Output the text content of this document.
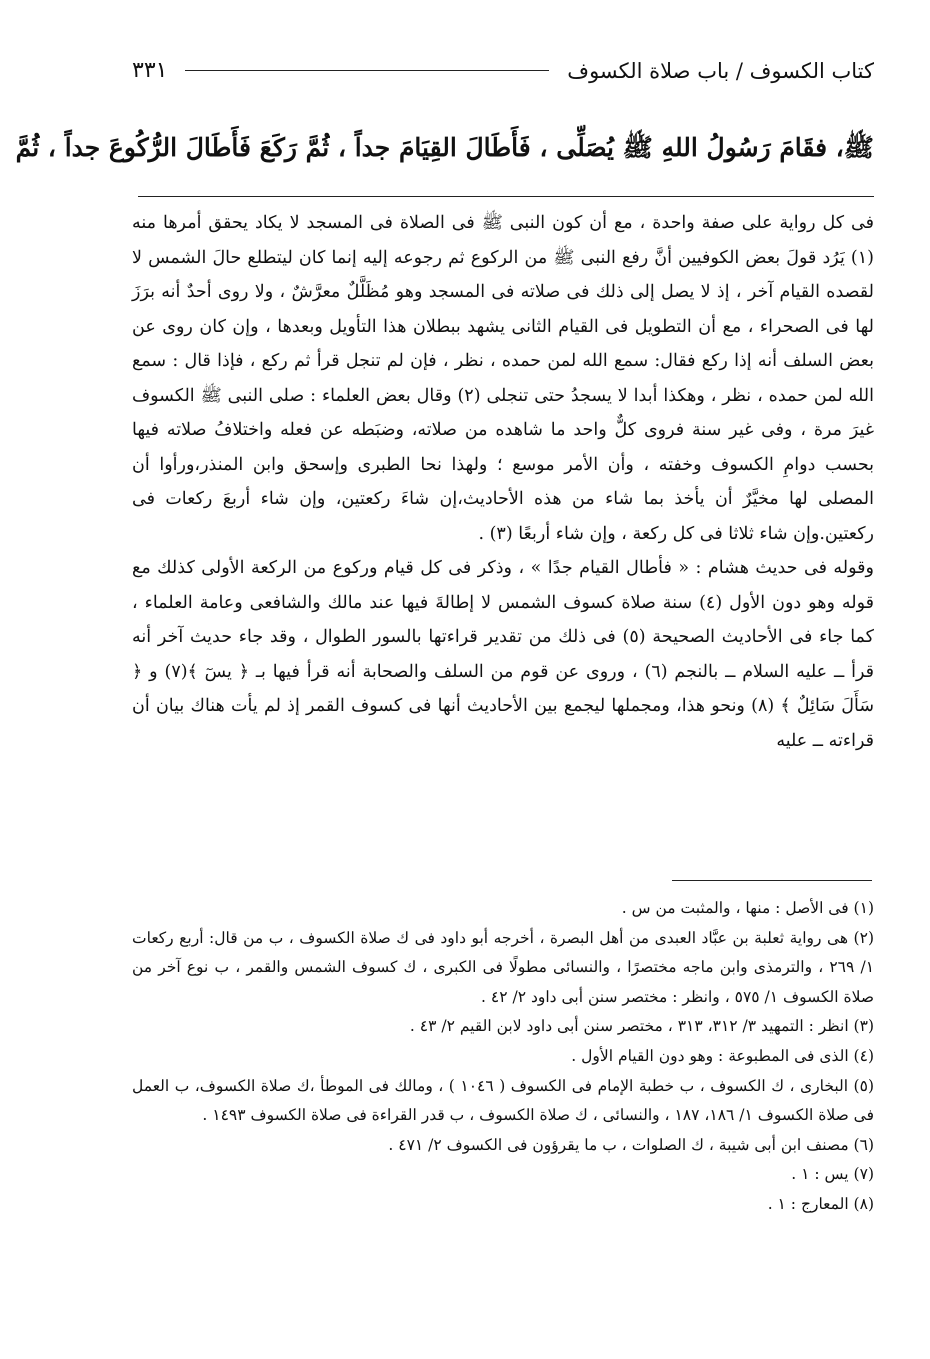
كتاب الكسوف / باب صلاة الكسوف
٣٣١
ﷺ، فقَامَ رَسُولُ اللهِ ﷺ يُصَلِّى ، فَأَطَالَ القِيَامَ جداً ، ثُمَّ رَكَعَ فَأَطَالَ الرُّكُوعَ جداً ، ثُمَّ

فى كل رواية على صفة واحدة ، مع أن كون النبى ﷺ فى الصلاة فى المسجد لا يكاد يحقق أمرها منه (١) يَرُد قولَ بعض الكوفيين أنَّ رفع النبى ﷺ من الركوع ثم رجوعه إليه إنما كان ليتطلع حالَ الشمس لا لقصده القيام آخر ، إذ لا يصل إلى ذلك فى صلاته فى المسجد وهو مُظَلَّلٌ معرَّشٌ ، ولا روى أحدٌ أنه برَزَ لها فى الصحراء ، مع أن التطويل فى القيام الثانى يشهد ببطلان هذا التأويل وبعدها ، وإن كان روى عن بعض السلف أنه إذا ركع فقال: سمع الله لمن حمده ، نظر ، فإن لم تنجل قرأ ثم ركع ، فإذا قال : سمع الله لمن حمده ، نظر ، وهكذا أبدا لا يسجدُ حتى تنجلى (٢) وقال بعض العلماء : صلى النبى ﷺ الكسوف غيرَ مرة ، وفى غير سنة فروى كلٌّ واحد ما شاهده من صلاته، وضبَطه عن فعله واختلافُ صلاته فيها بحسب دوامِ الكسوف وخفته ، وأن الأمر موسع ؛ ولهذا نحا الطبرى وإسحق وابن المنذر،ورأوا أن المصلى لها مخيَّرٌ أن يأخذ بما شاء من هذه الأحاديث،إن شاءَ ركعتين، وإن شاء أربعَ ركعات فى ركعتين.وإن شاء ثلاثا فى كل ركعة ، وإن شاء أربعًا (٣) .

وقوله فى حديث هشام : « فأطال القيام جدًا » ، وذكر فى كل قيام وركوع من الركعة الأولى كذلك مع قوله وهو دون الأول (٤) سنة صلاة كسوف الشمس لا إطالةَ فيها عند مالك والشافعى وعامة العلماء ، كما جاء فى الأحاديث الصحيحة (٥) فى ذلك من تقدير قراءتها بالسور الطوال ، وقد جاء حديث آخر أنه قرأ ــ عليه السلام ــ بالنجم (٦) ، وروى عن قوم من السلف والصحابة أنه قرأ فيها بـ ﴿ يسٓ ﴾(٧) و ﴿ سَأَلَ سَائِلٌ ﴾ (٨) ونحو هذا، ومجملها ليجمع بين الأحاديث أنها فى كسوف القمر إذ لم يأت هناك بيان أن قراءته ــ عليه

(١) فى الأصل : منها ، والمثبت من س .

(٢) هى رواية ثعلبة بن عبَّاد العبدى من أهل البصرة ، أخرجه أبو داود فى ك صلاة الكسوف ، ب من قال: أربع ركعات ١/ ٢٦٩ ، والترمذى وابن ماجه مختصرًا ، والنسائى مطولًا فى الكبرى ، ك كسوف الشمس والقمر ، ب نوع آخر من صلاة الكسوف ١/ ٥٧٥ ، وانظر : مختصر سنن أبى داود ٢/ ٤٢ .

(٣) انظر : التمهيد ٣/ ٣١٢، ٣١٣ ، مختصر سنن أبى داود لابن القيم ٢/ ٤٣ .

(٤) الذى فى المطبوعة : وهو دون القيام الأول .

(٥) البخارى ، ك الكسوف ، ب خطبة الإمام فى الكسوف ( ١٠٤٦ ) ، ومالك فى الموطأ ،ك صلاة الكسوف، ب العمل فى صلاة الكسوف ١/ ١٨٦، ١٨٧ ، والنسائى ، ك صلاة الكسوف ، ب قدر القراءة فى صلاة الكسوف ١٤٩٣ .

(٦) مصنف ابن أبى شيبة ، ك الصلوات ، ب ما يقرؤون فى الكسوف ٢/ ٤٧١ .

(٧) يس : ١ .

(٨) المعارج : ١ .
